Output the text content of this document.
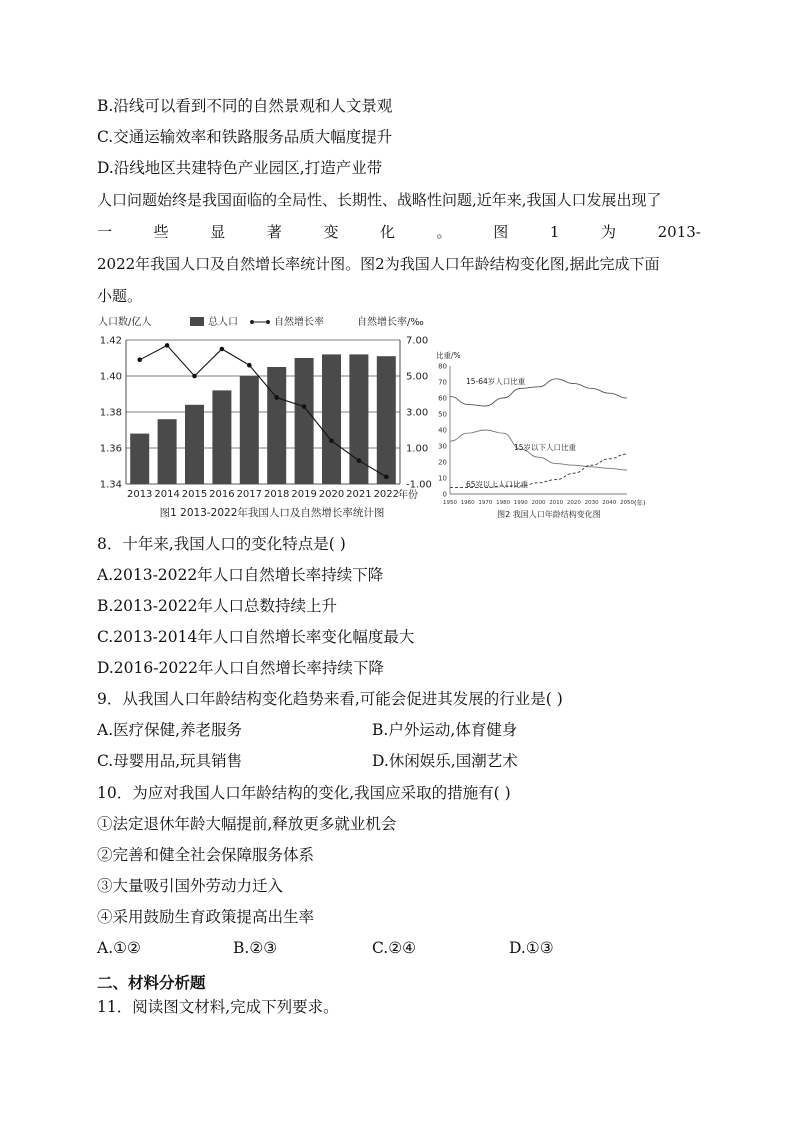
B.沿线可以看到不同的自然景观和人文景观
C.交通运输效率和铁路服务品质大幅度提升
D.沿线地区共建特色产业园区,打造产业带
人口问题始终是我国面临的全局性、长期性、战略性问题,近年来,我国人口发展出现了
一	些	显	著	变	化	。	图	1	为	2013-
2022年我国人口及自然增长率统计图。图2为我国人口年龄结构变化图,据此完成下面
小题。
人口数/亿人	总人口	自然增长率	自然增长率/‰
1.42
1.40
1.38
1.36
1.34
7.00
5.00
3.00
1.00
-1.00
2013 2014 2015 2016 2017 2018 2019 2020 2021 2022
年份
图1 2013-2022年我国人口及自然增长率统计图
比重/%
80
70
60
50
40
30
20
10
0
1950 1960 1970 1980 1990 2000 2010 2020 2030 2040 2050
15-64岁人口比重
15岁以下人口比重
65岁以上人口比重
(年)
图2 我国人口年龄结构变化图
8．十年来,我国人口的变化特点是( )
A.2013-2022年人口自然增长率持续下降
B.2013-2022年人口总数持续上升
C.2013-2014年人口自然增长率变化幅度最大
D.2016-2022年人口自然增长率持续下降
9．从我国人口年龄结构变化趋势来看,可能会促进其发展的行业是( )
A.医疗保健,养老服务	B.户外运动,体育健身
C.母婴用品,玩具销售	D.休闲娱乐,国潮艺术
10．为应对我国人口年龄结构的变化,我国应采取的措施有( )
①法定退休年龄大幅提前,释放更多就业机会
②完善和健全社会保障服务体系
③大量吸引国外劳动力迁入
④采用鼓励生育政策提高出生率
A.①②	B.②③	C.②④	D.①③
二、材料分析题
11．阅读图文材料,完成下列要求。
